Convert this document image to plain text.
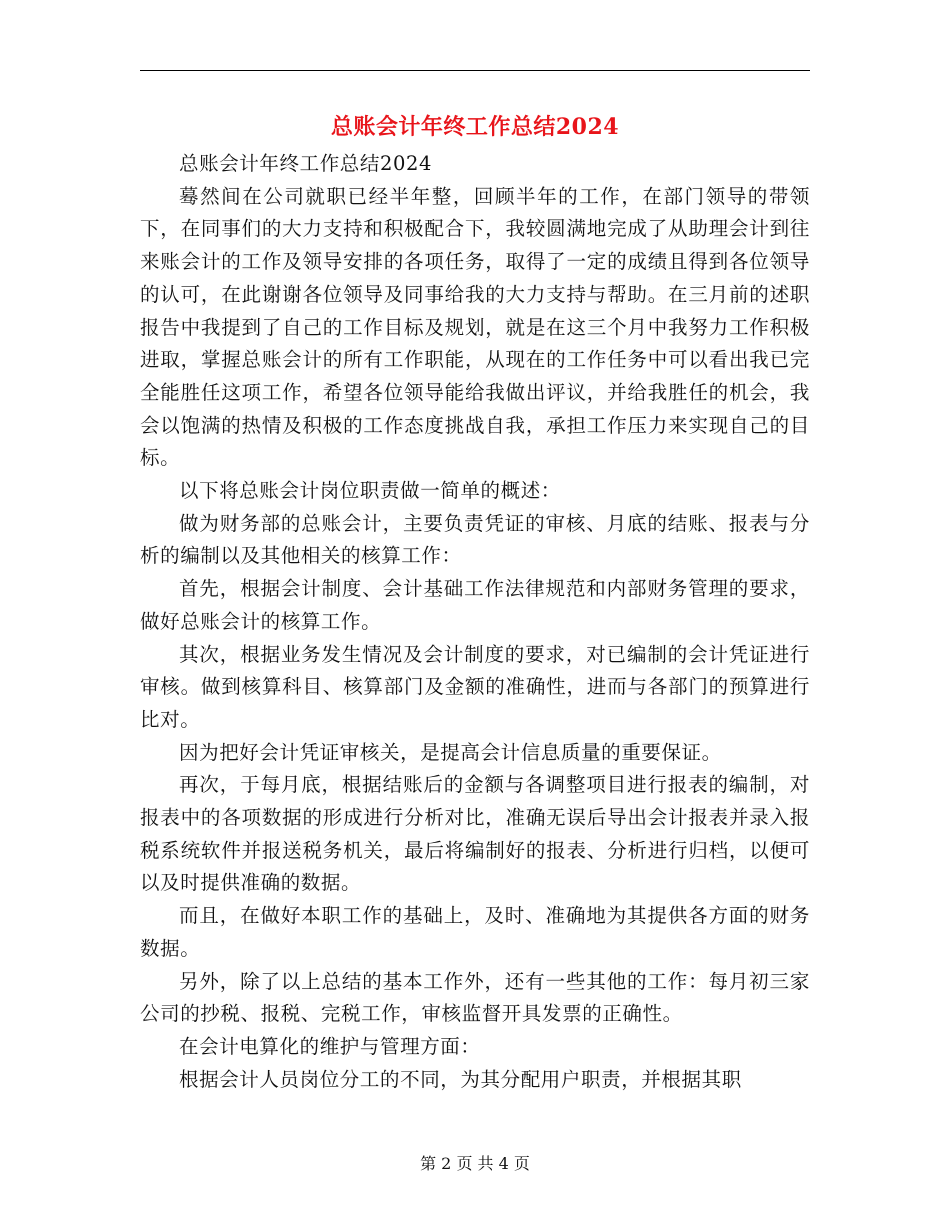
总账会计年终工作总结2024

总账会计年终工作总结2024

蓦然间在公司就职已经半年整，回顾半年的工作，在部门领导的带领下，在同事们的大力支持和积极配合下，我较圆满地完成了从助理会计到往来账会计的工作及领导安排的各项任务，取得了一定的成绩且得到各位领导的认可，在此谢谢各位领导及同事给我的大力支持与帮助。在三月前的述职报告中我提到了自己的工作目标及规划，就是在这三个月中我努力工作积极进取，掌握总账会计的所有工作职能，从现在的工作任务中可以看出我已完全能胜任这项工作，希望各位领导能给我做出评议，并给我胜任的机会，我会以饱满的热情及积极的工作态度挑战自我，承担工作压力来实现自己的目标。

以下将总账会计岗位职责做一简单的概述：

做为财务部的总账会计，主要负责凭证的审核、月底的结账、报表与分析的编制以及其他相关的核算工作：

首先，根据会计制度、会计基础工作法律规范和内部财务管理的要求，做好总账会计的核算工作。

其次，根据业务发生情况及会计制度的要求，对已编制的会计凭证进行审核。做到核算科目、核算部门及金额的准确性，进而与各部门的预算进行比对。

因为把好会计凭证审核关，是提高会计信息质量的重要保证。

再次，于每月底，根据结账后的金额与各调整项目进行报表的编制，对报表中的各项数据的形成进行分析对比，准确无误后导出会计报表并录入报税系统软件并报送税务机关，最后将编制好的报表、分析进行归档，以便可以及时提供准确的数据。

而且，在做好本职工作的基础上，及时、准确地为其提供各方面的财务数据。

另外，除了以上总结的基本工作外，还有一些其他的工作：每月初三家公司的抄税、报税、完税工作，审核监督开具发票的正确性。

在会计电算化的维护与管理方面：

根据会计人员岗位分工的不同，为其分配用户职责，并根据其职

第 2 页 共 4 页
